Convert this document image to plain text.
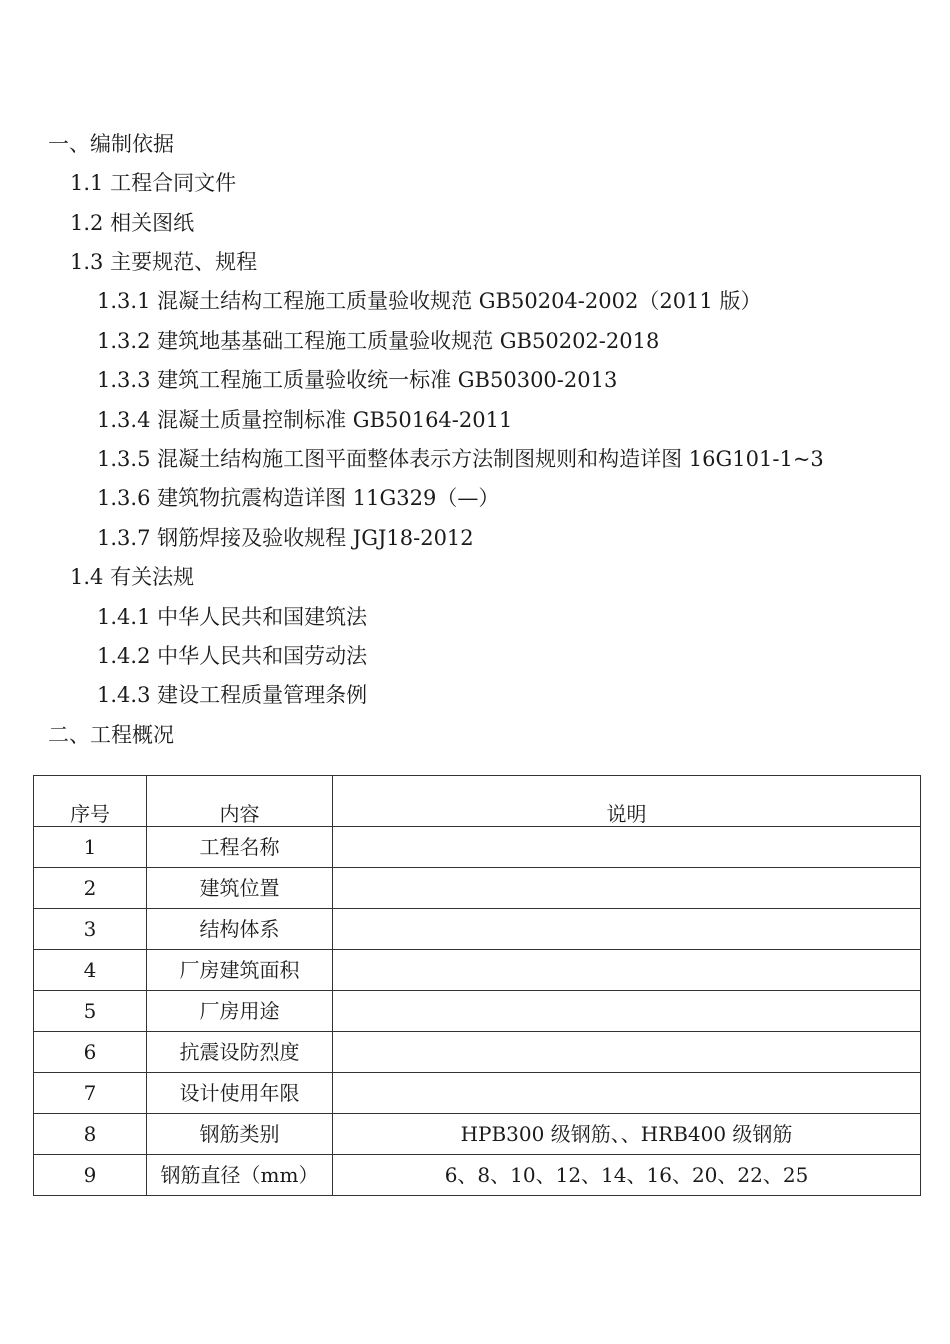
一、编制依据
1.1 工程合同文件
1.2 相关图纸
1.3 主要规范、规程
1.3.1 混凝土结构工程施工质量验收规范 GB50204-2002（2011 版）
1.3.2 建筑地基基础工程施工质量验收规范 GB50202-2018
1.3.3 建筑工程施工质量验收统一标准 GB50300-2013
1.3.4 混凝土质量控制标准 GB50164-2011
1.3.5 混凝土结构施工图平面整体表示方法制图规则和构造详图 16G101-1~3
1.3.6 建筑物抗震构造详图 11G329（—）
1.3.7 钢筋焊接及验收规程 JGJ18-2012
1.4 有关法规
1.4.1 中华人民共和国建筑法
1.4.2 中华人民共和国劳动法
1.4.3 建设工程质量管理条例
二、工程概况
序号	内容	说明
1	工程名称	
2	建筑位置	
3	结构体系	
4	厂房建筑面积	
5	厂房用途	
6	抗震设防烈度	
7	设计使用年限	
8	钢筋类别	HPB300 级钢筋、、HRB400 级钢筋
9	钢筋直径（mm）	6、8、10、12、14、16、20、22、25
